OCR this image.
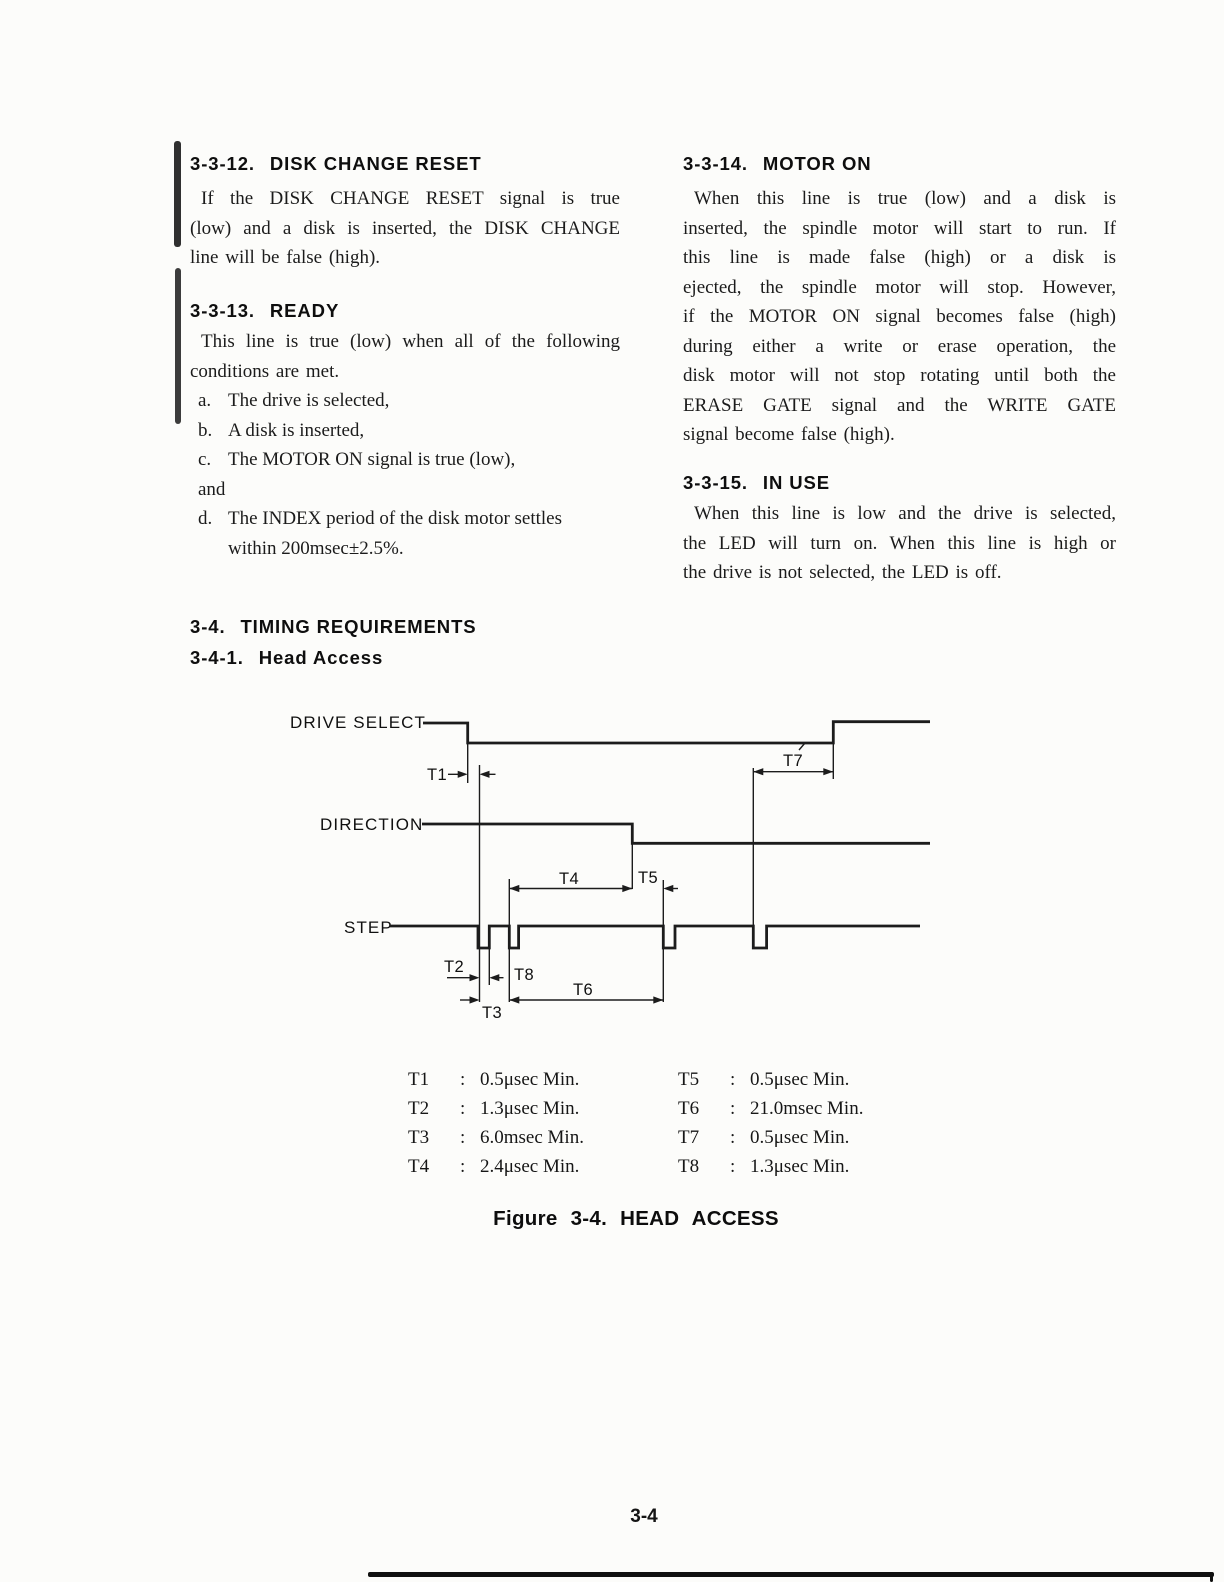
3-3-12. DISK CHANGE RESET
If the DISK CHANGE RESET signal is true
(low) and a disk is inserted, the DISK CHANGE
line will be false (high).
3-3-13. READY
This line is true (low) when all of the following
conditions are met.
a. The drive is selected,
b. A disk is inserted,
c. The MOTOR ON signal is true (low),
and
d. The INDEX period of the disk motor settles
within 200msec±2.5%.
3-4. TIMING REQUIREMENTS
3-4-1. Head Access
3-3-14. MOTOR ON
When this line is true (low) and a disk is
inserted, the spindle motor will start to run. If
this line is made false (high) or a disk is
ejected, the spindle motor will stop. However,
if the MOTOR ON signal becomes false (high)
during either a write or erase operation, the
disk motor will not stop rotating until both the
ERASE GATE signal and the WRITE GATE
signal become false (high).
3-3-15. IN USE
When this line is low and the drive is selected,
the LED will turn on. When this line is high or
the drive is not selected, the LED is off.
DRIVE SELECT
DIRECTION
STEP
T1
T7
T4	T5
T2	T8
T3
T6
T1 : 0.5μsec Min.
T2 : 1.3μsec Min.
T3 : 6.0msec Min.
T4 : 2.4μsec Min.
T5 : 0.5μsec Min.
T6 : 21.0msec Min.
T7 : 0.5μsec Min.
T8 : 1.3μsec Min.
Figure 3-4. HEAD ACCESS
3-4
